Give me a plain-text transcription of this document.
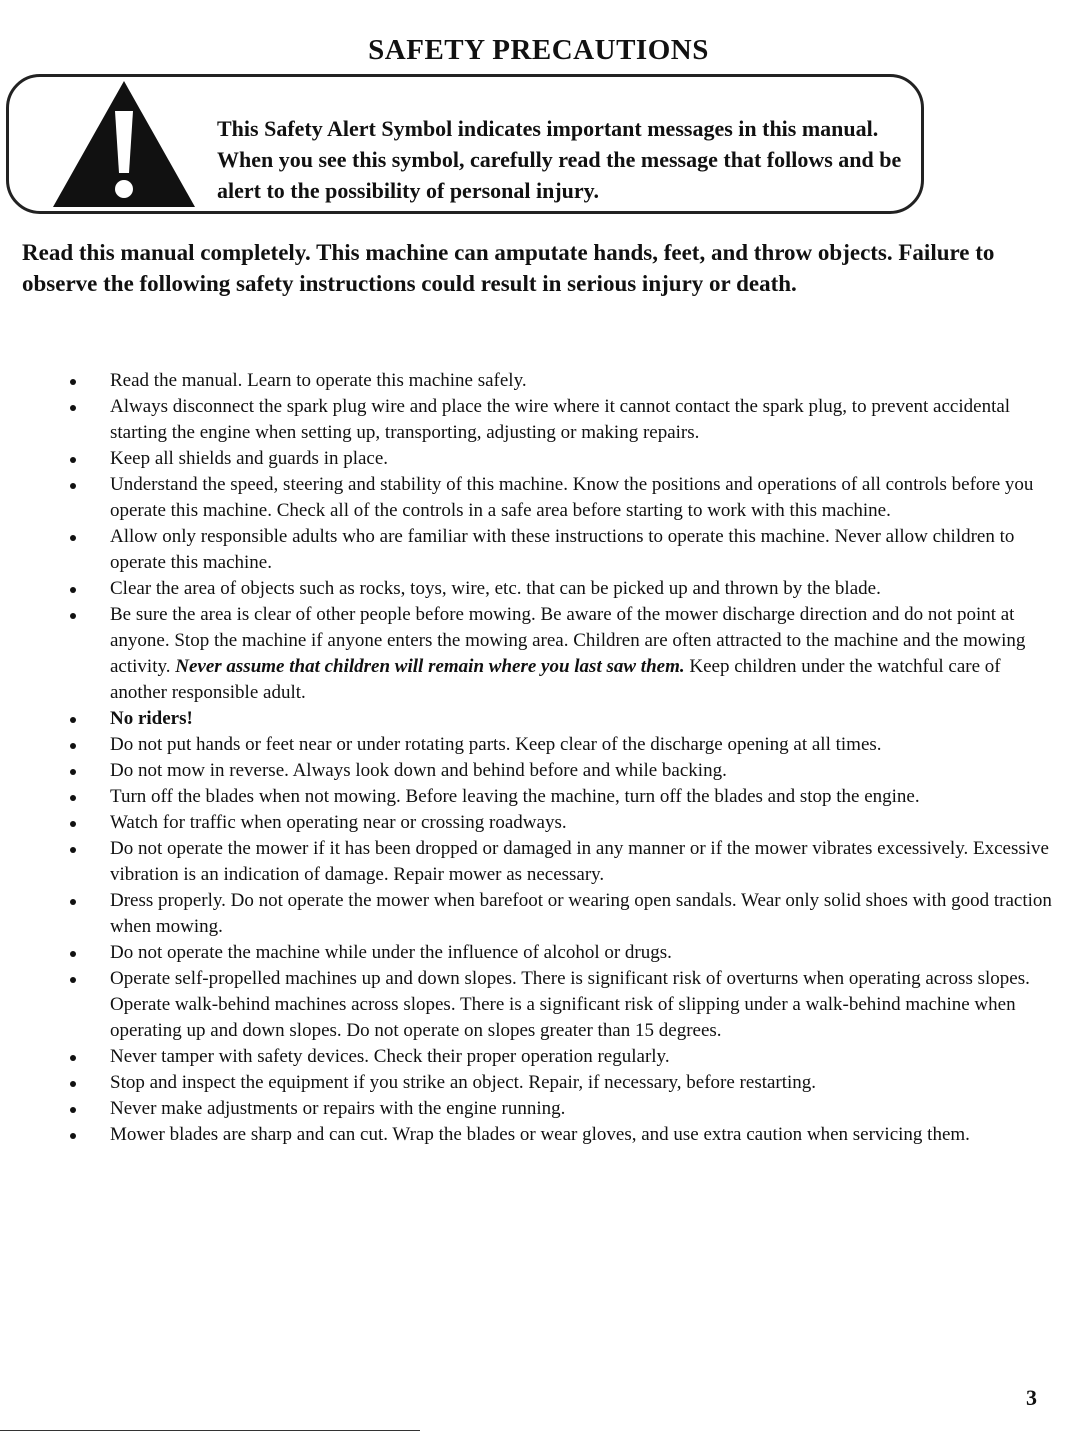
SAFETY PRECAUTIONS
This Safety Alert Symbol indicates important messages in this manual. When you see this symbol, carefully read the message that follows and be alert to the possibility of personal injury.
Read this manual completely. This machine can amputate hands, feet, and throw objects. Failure to observe the following safety instructions could result in serious injury or death.
Read the manual. Learn to operate this machine safely.
Always disconnect the spark plug wire and place the wire where it cannot contact the spark plug, to prevent accidental starting the engine when setting up, transporting, adjusting or making repairs.
Keep all shields and guards in place.
Understand the speed, steering and stability of this machine. Know the positions and operations of all controls before you operate this machine. Check all of the controls in a safe area before starting to work with this machine.
Allow only responsible adults who are familiar with these instructions to operate this machine. Never allow children to operate this machine.
Clear the area of objects such as rocks, toys, wire, etc. that can be picked up and thrown by the blade.
Be sure the area is clear of other people before mowing. Be aware of the mower discharge direction and do not point at anyone. Stop the machine if anyone enters the mowing area. Children are often attracted to the machine and the mowing activity. Never assume that children will remain where you last saw them. Keep children under the watchful care of another responsible adult.
No riders!
Do not put hands or feet near or under rotating parts. Keep clear of the discharge opening at all times.
Do not mow in reverse. Always look down and behind before and while backing.
Turn off the blades when not mowing. Before leaving the machine, turn off the blades and stop the engine.
Watch for traffic when operating near or crossing roadways.
Do not operate the mower if it has been dropped or damaged in any manner or if the mower vibrates excessively. Excessive vibration is an indication of damage. Repair mower as necessary.
Dress properly. Do not operate the mower when barefoot or wearing open sandals. Wear only solid shoes with good traction when mowing.
Do not operate the machine while under the influence of alcohol or drugs.
Operate self-propelled machines up and down slopes. There is significant risk of overturns when operating across slopes. Operate walk-behind machines across slopes. There is a significant risk of slipping under a walk-behind machine when operating up and down slopes. Do not operate on slopes greater than 15 degrees.
Never tamper with safety devices. Check their proper operation regularly.
Stop and inspect the equipment if you strike an object. Repair, if necessary, before restarting.
Never make adjustments or repairs with the engine running.
Mower blades are sharp and can cut. Wrap the blades or wear gloves, and use extra caution when servicing them.
3
